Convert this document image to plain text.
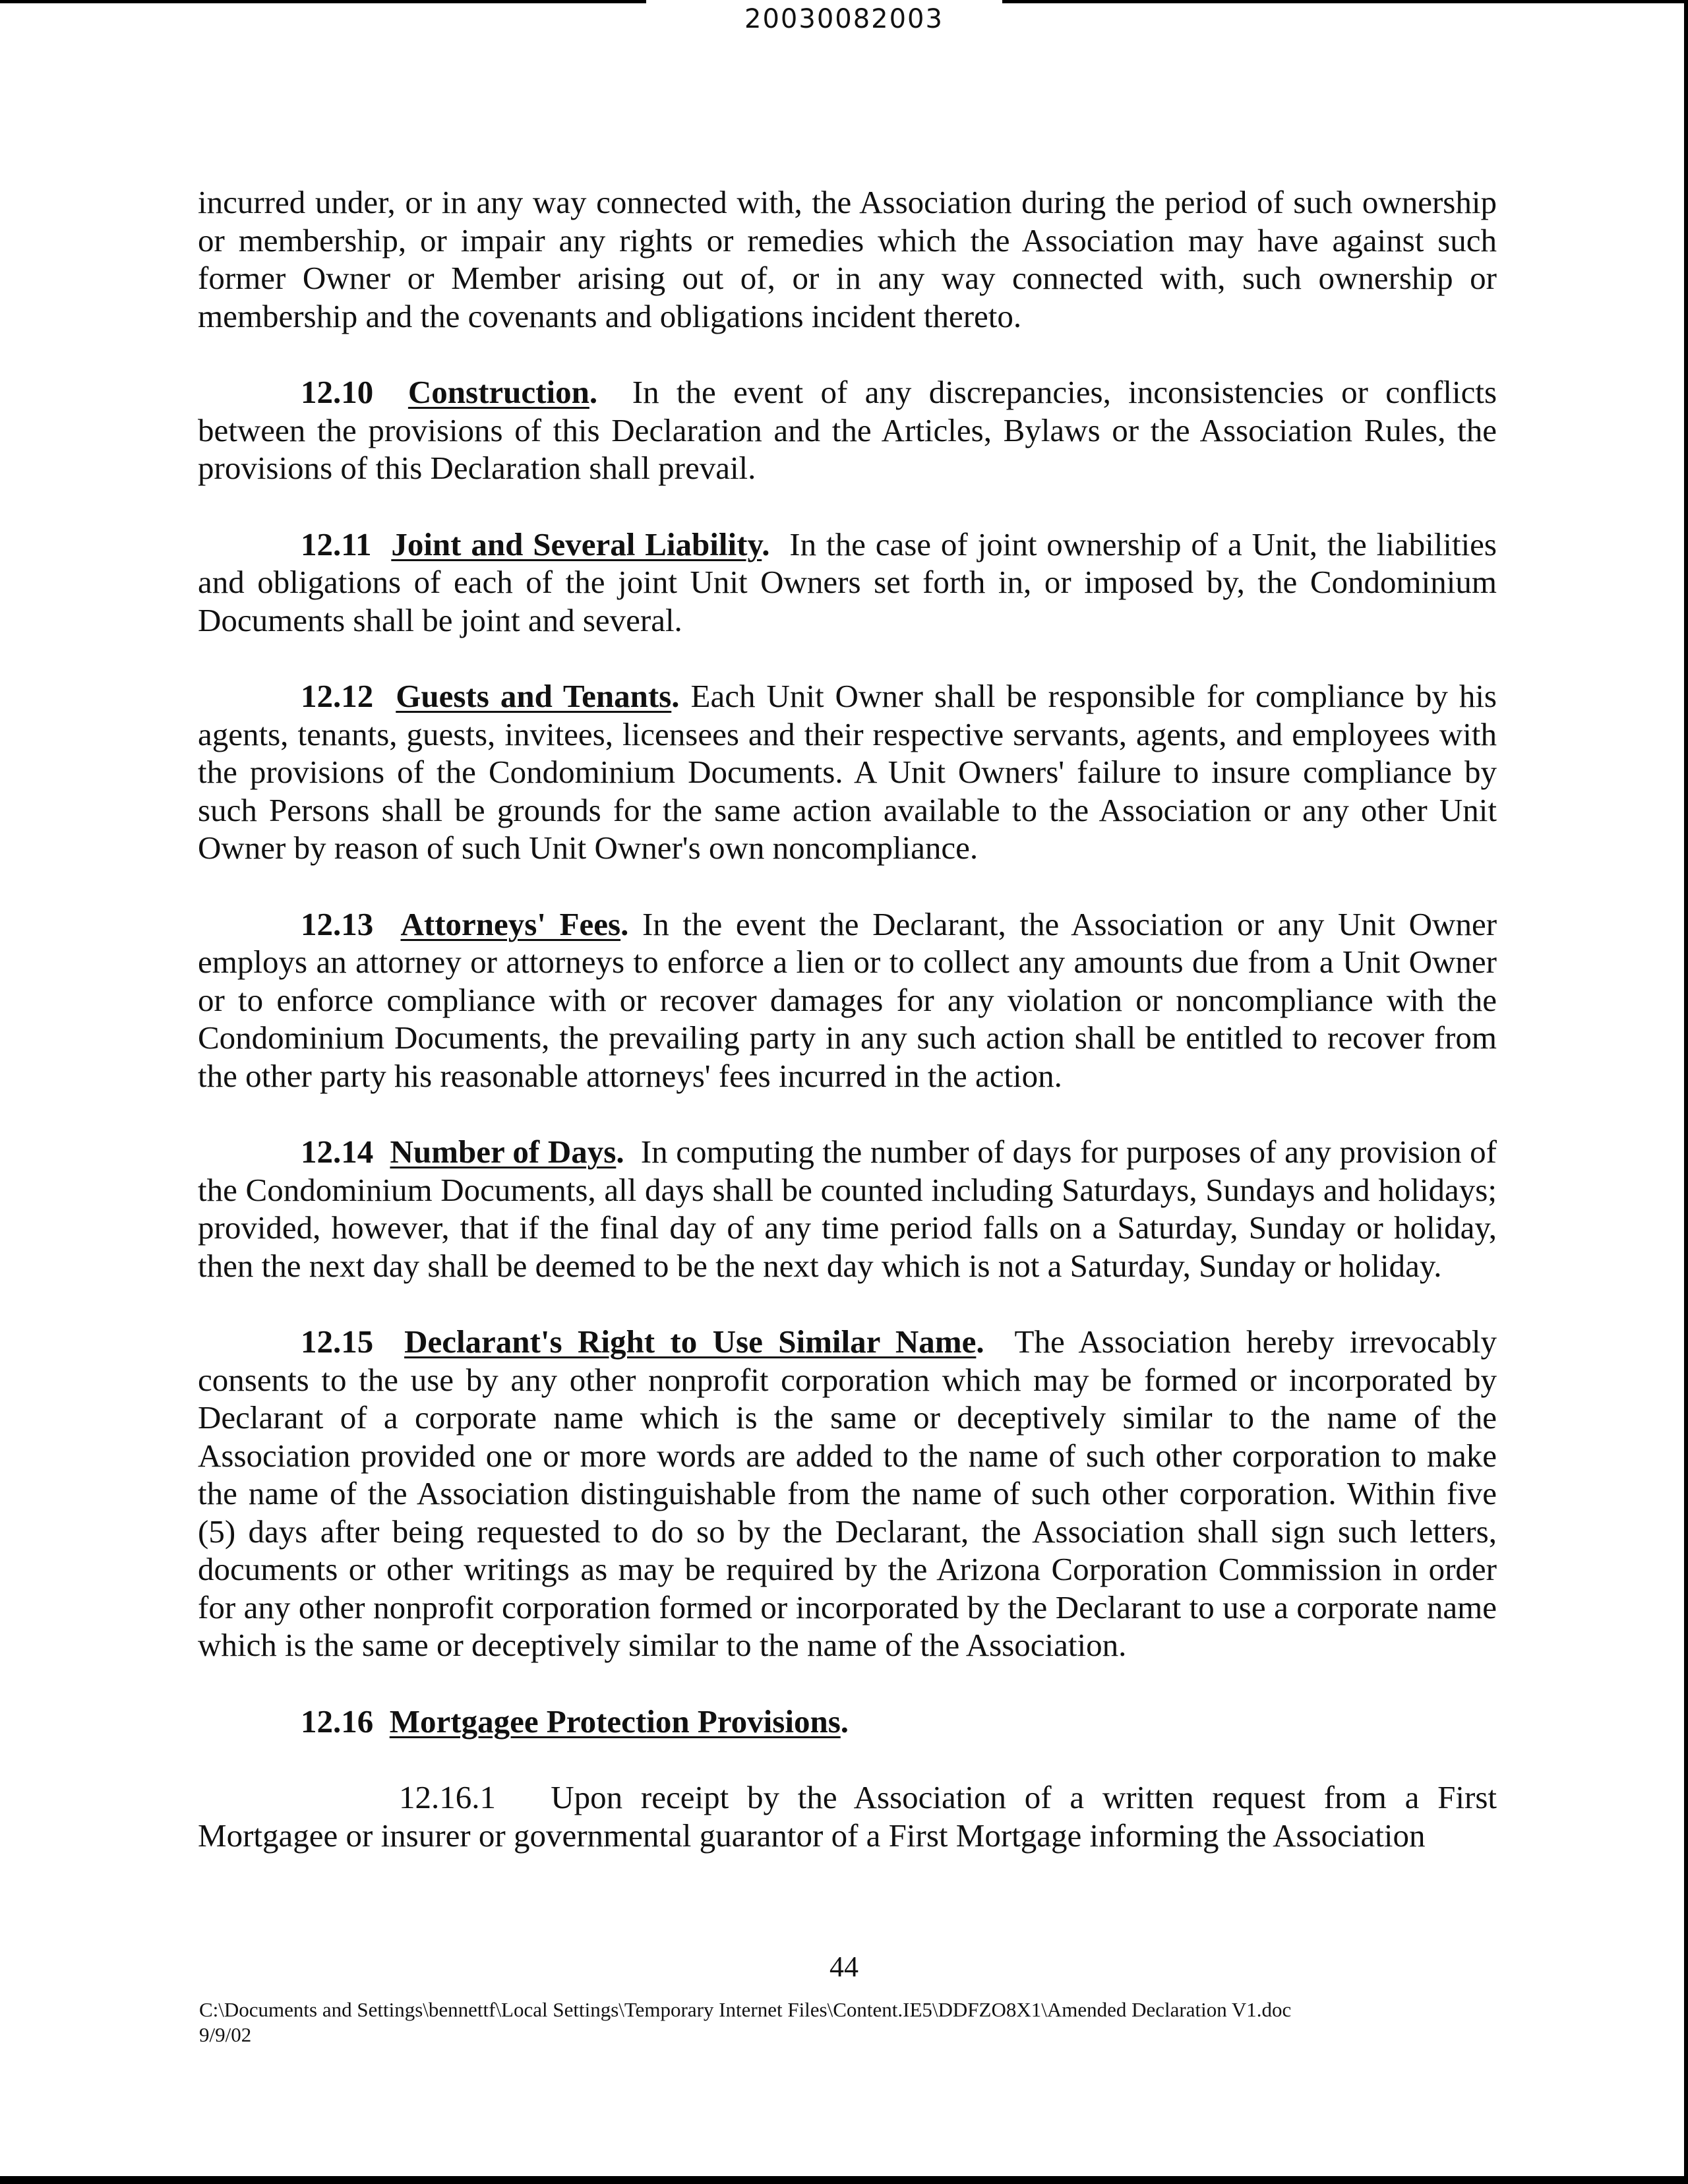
20030082003

incurred under, or in any way connected with, the Association during the period of such ownership or membership, or impair any rights or remedies which the Association may have against such former Owner or Member arising out of, or in any way connected with, such ownership or membership and the covenants and obligations incident thereto.

12.10 Construction. In the event of any discrepancies, inconsistencies or conflicts between the provisions of this Declaration and the Articles, Bylaws or the Association Rules, the provisions of this Declaration shall prevail.

12.11 Joint and Several Liability. In the case of joint ownership of a Unit, the liabilities and obligations of each of the joint Unit Owners set forth in, or imposed by, the Condominium Documents shall be joint and several.

12.12 Guests and Tenants. Each Unit Owner shall be responsible for compliance by his agents, tenants, guests, invitees, licensees and their respective servants, agents, and employees with the provisions of the Condominium Documents. A Unit Owners' failure to insure compliance by such Persons shall be grounds for the same action available to the Association or any other Unit Owner by reason of such Unit Owner's own noncompliance.

12.13 Attorneys' Fees. In the event the Declarant, the Association or any Unit Owner employs an attorney or attorneys to enforce a lien or to collect any amounts due from a Unit Owner or to enforce compliance with or recover damages for any violation or noncompliance with the Condominium Documents, the prevailing party in any such action shall be entitled to recover from the other party his reasonable attorneys' fees incurred in the action.

12.14 Number of Days. In computing the number of days for purposes of any provision of the Condominium Documents, all days shall be counted including Saturdays, Sundays and holidays; provided, however, that if the final day of any time period falls on a Saturday, Sunday or holiday, then the next day shall be deemed to be the next day which is not a Saturday, Sunday or holiday.

12.15 Declarant's Right to Use Similar Name. The Association hereby irrevocably consents to the use by any other nonprofit corporation which may be formed or incorporated by Declarant of a corporate name which is the same or deceptively similar to the name of the Association provided one or more words are added to the name of such other corporation to make the name of the Association distinguishable from the name of such other corporation. Within five (5) days after being requested to do so by the Declarant, the Association shall sign such letters, documents or other writings as may be required by the Arizona Corporation Commission in order for any other nonprofit corporation formed or incorporated by the Declarant to use a corporate name which is the same or deceptively similar to the name of the Association.

12.16 Mortgagee Protection Provisions.

12.16.1 Upon receipt by the Association of a written request from a First Mortgagee or insurer or governmental guarantor of a First Mortgage informing the Association

44
C:\Documents and Settings\bennettf\Local Settings\Temporary Internet Files\Content.IE5\DDFZO8X1\Amended Declaration V1.doc
9/9/02
